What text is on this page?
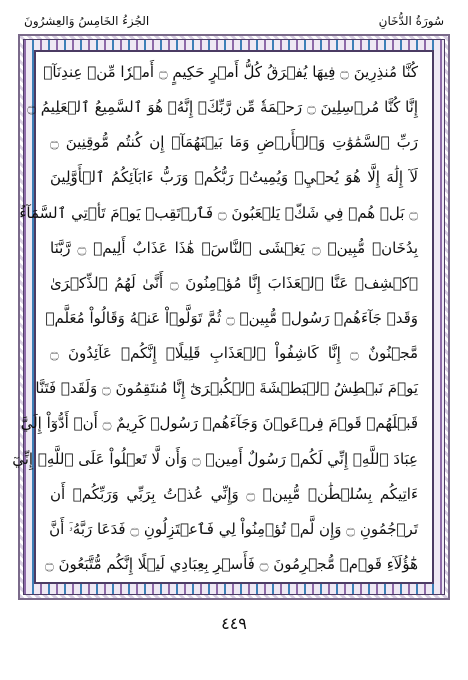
سُورَةُ الدُّخَانِ
الجُزءُ الخَامِسُ وَالعِشرُونَ
كُنَّا مُنذِرِينَ ۝ فِيهَا يُفۡرَقُ كُلُّ أَمۡرٍ حَكِيمٍ ۝ أَمۡرٗا مِّنۡ عِندِنَآۚ
إِنَّا كُنَّا مُرۡسِلِينَ ۝ رَحۡمَةٗ مِّن رَّبِّكَۚ إِنَّهُۥ هُوَ ٱلسَّمِيعُ ٱلۡعَلِيمُ ۝
رَبِّ ٱلسَّمَٰوَٰتِ وَٱلۡأَرۡضِ وَمَا بَيۡنَهُمَآۖ إِن كُنتُم مُّوقِنِينَ ۝
لَآ إِلَٰهَ إِلَّا هُوَ يُحۡيِۦ وَيُمِيتُۖ رَبُّكُمۡ وَرَبُّ ءَابَآئِكُمُ ٱلۡأَوَّلِينَ
۝ بَلۡ هُمۡ فِي شَكّٖ يَلۡعَبُونَ ۝ فَٱرۡتَقِبۡ يَوۡمَ تَأۡتِي ٱلسَّمَآءُ
بِدُخَانٖ مُّبِينٖ ۝ يَغۡشَى ٱلنَّاسَۖ هَٰذَا عَذَابٌ أَلِيمٞ ۝ رَّبَّنَا
ٱكۡشِفۡ عَنَّا ٱلۡعَذَابَ إِنَّا مُؤۡمِنُونَ ۝ أَنَّىٰ لَهُمُ ٱلذِّكۡرَىٰ
وَقَدۡ جَآءَهُمۡ رَسُولٞ مُّبِينٞ ۝ ثُمَّ تَوَلَّوۡاْ عَنۡهُ وَقَالُواْ مُعَلَّمٞ
مَّجۡنُونٌ ۝ إِنَّا كَاشِفُواْ ٱلۡعَذَابِ قَلِيلًاۚ إِنَّكُمۡ عَآئِدُونَ ۝
يَوۡمَ نَبۡطِشُ ٱلۡبَطۡشَةَ ٱلۡكُبۡرَىٰٓ إِنَّا مُنتَقِمُونَ ۝ وَلَقَدۡ فَتَنَّا
قَبۡلَهُمۡ قَوۡمَ فِرۡعَوۡنَ وَجَآءَهُمۡ رَسُولٞ كَرِيمٌ ۝ أَنۡ أَدُّوٓاْ إِلَيَّ
عِبَادَ ٱللَّهِۖ إِنِّي لَكُمۡ رَسُولٌ أَمِينٞ ۝ وَأَن لَّا تَعۡلُواْ عَلَى ٱللَّهِۖ إِنِّيٓ
ءَاتِيكُم بِسُلۡطَٰنٖ مُّبِينٖ ۝ وَإِنِّي عُذۡتُ بِرَبِّي وَرَبِّكُمۡ أَن
تَرۡجُمُونِ ۝ وَإِن لَّمۡ تُؤۡمِنُواْ لِي فَٱعۡتَزِلُونِ ۝ فَدَعَا رَبَّهُۥٓ أَنَّ
هَٰٓؤُلَآءِ قَوۡمٞ مُّجۡرِمُونَ ۝ فَأَسۡرِ بِعِبَادِي لَيۡلًا إِنَّكُم مُّتَّبَعُونَ ۝
٤٤٩
